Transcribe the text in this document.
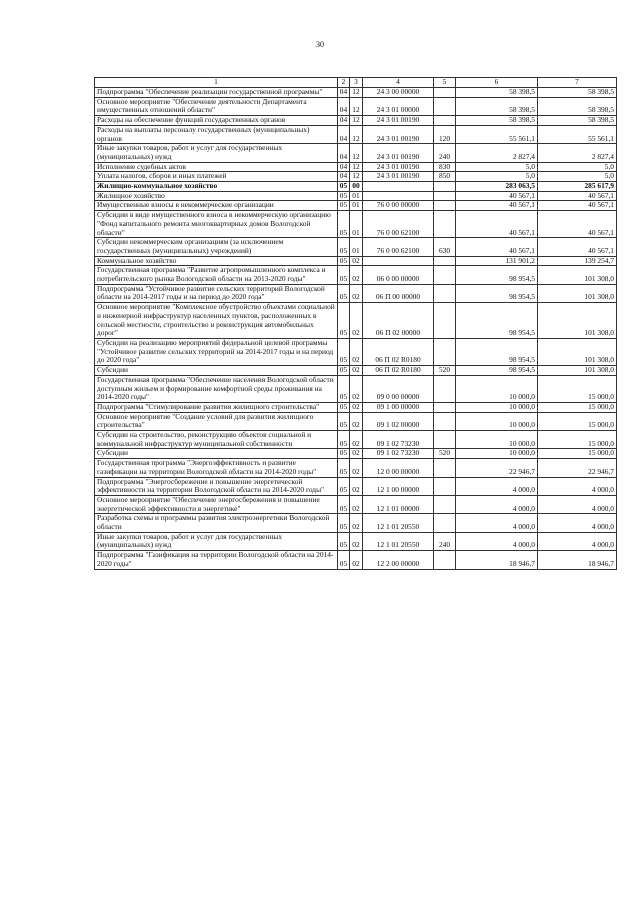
30
1	2	3	4	5	6	7
Подпрограмма "Обеспечение реализации государственной программы"	04	12	24 3 00 00000		58 398,5	58 398,5
Основное мероприятие "Обеспечение деятельности Департамента имущественных отношений области"	04	12	24 3 01 00000		58 398,5	58 398,5
Расходы на обеспечение функций государственных органов	04	12	24 3 01 00190		58 398,5	58 398,5
Расходы на выплаты персоналу государственных (муниципальных) органов	04	12	24 3 01 00190	120	55 561,1	55 561,1
Иные закупки товаров, работ и услуг для государственных (муниципальных) нужд	04	12	24 3 01 00190	240	2 827,4	2 827,4
Исполнение судебных актов	04	12	24 3 01 00190	830	5,0	5,0
Уплата налогов, сборов и иных платежей	04	12	24 3 01 00190	850	5,0	5,0
Жилищно-коммунальное хозяйство	05	00			283 063,5	285 617,9
Жилищное хозяйство	05	01			40 567,1	40 567,1
Имущественные взносы в некоммерческие организации	05	01	76 0 00 00000		40 567,1	40 567,1
Субсидии в виде имущественного взноса в некоммерческую организацию "Фонд капитального ремонта многоквартирных домов Вологодской области"	05	01	76 0 00 62100		40 567,1	40 567,1
Субсидии некоммерческим организациям (за исключением государственных (муниципальных) учреждений)	05	01	76 0 00 62100	630	40 567,1	40 567,1
Коммунальное хозяйство	05	02			131 901,2	139 254,7
Государственная программа "Развитие агропромышленного комплекса и потребительского рынка Вологодской области на 2013-2020 годы"	05	02	06 0 00 00000		98 954,5	101 308,0
Подпрограмма "Устойчивое развитие сельских территорий Вологодской области на 2014-2017 годы и на период до 2020 года"	05	02	06 П 00 00000		98 954,5	101 308,0
Основное мероприятие "Комплексное обустройство объектами социальной и инженерной инфраструктур населенных пунктов, расположенных в сельской местности, строительство и реконструкция автомобильных дорог"	05	02	06 П 02 00000		98 954,5	101 308,0
Субсидии на реализацию мероприятий федеральной целевой программы "Устойчивое развитие сельских территорий на 2014-2017 годы и на период до 2020 года"	05	02	06 П 02 R0180		98 954,5	101 308,0
Субсидии	05	02	06 П 02 R0180	520	98 954,5	101 308,0
Государственная программа "Обеспечение населения Вологодской области доступным жильем и формирование комфортной среды проживания на 2014-2020 годы"	05	02	09 0 00 00000		10 000,0	15 000,0
Подпрограмма "Стимулирование развития жилищного строительства"	05	02	09 1 00 00000		10 000,0	15 000,0
Основное мероприятие "Создание условий для развития жилищного строительства"	05	02	09 1 02 00000		10 000,0	15 000,0
Субсидии на строительство, реконструкцию объектов социальной и коммунальной инфраструктур муниципальной собственности	05	02	09 1 02 73230		10 000,0	15 000,0
Субсидии	05	02	09 1 02 73230	520	10 000,0	15 000,0
Государственная программа "Энергоэффективность и развитие газификации на территории Вологодской области на 2014-2020 годы"	05	02	12 0 00 00000		22 946,7	22 946,7
Подпрограмма "Энергосбережение и повышение энергетической эффективности на территории Вологодской области на 2014-2020 годы"	05	02	12 1 00 00000		4 000,0	4 000,0
Основное мероприятие "Обеспечение энергосбережения и повышение энергетической эффективности в энергетике"	05	02	12 1 01 00000		4 000,0	4 000,0
Разработка схемы и программы развития электроэнергетики Вологодской области	05	02	12 1 01 20550		4 000,0	4 000,0
Иные закупки товаров, работ и услуг для государственных (муниципальных) нужд	05	02	12 1 01 20550	240	4 000,0	4 000,0
Подпрограмма "Газификация на территории Вологодской области на 2014-2020 годы"	05	02	12 2 00 00000		18 946,7	18 946,7
